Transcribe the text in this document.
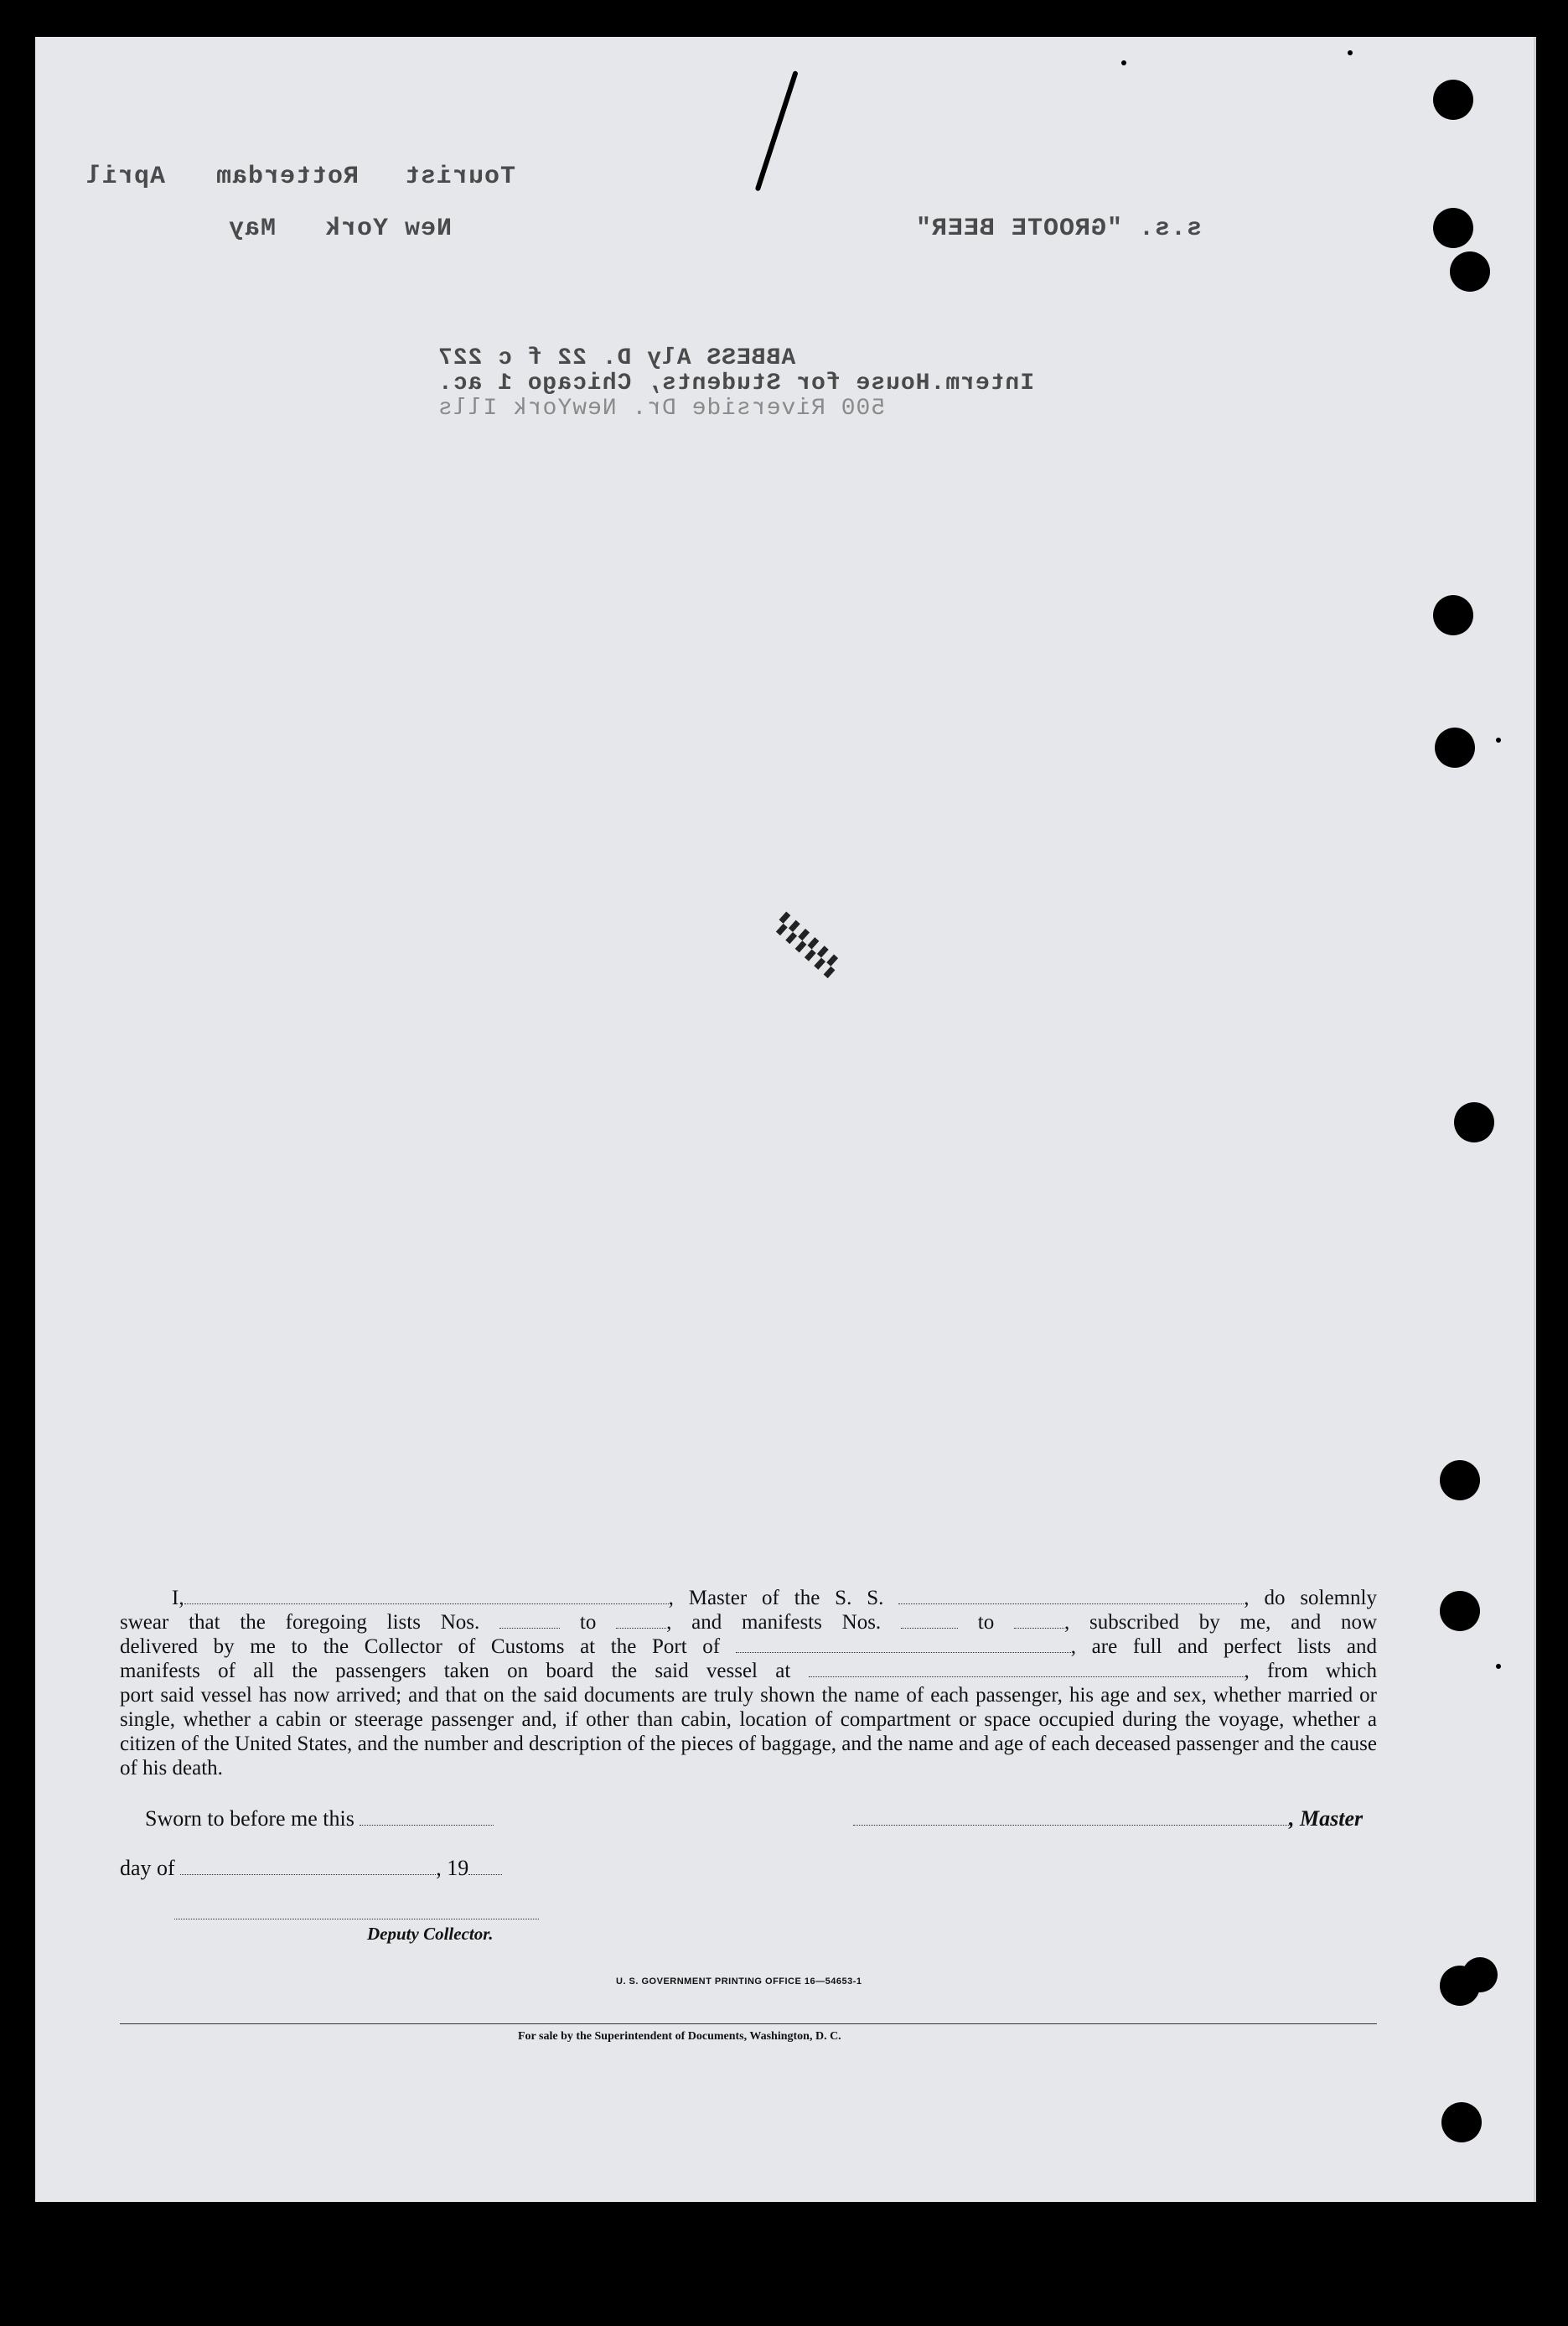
Tourist
Rotterdam
April
New York
May	s.s. "GROOTE BEER"
ABBESS Aly D. 22 f c 227
Interm.House for Students, Chicago 1 ac.
500 Riverside Dr. NewYork Ills
▚▚▚▚▚▚
I,	, Master of the S. S.	, do solemnly
swear that the foregoing lists Nos.	to	, and manifests Nos.	to	, subscribed by me, and now
delivered by me to the Collector of Customs at the Port of	, are full and perfect lists and
manifests of all the passengers taken on board the said vessel at	, from which
port said vessel has now arrived; and that on the said documents are truly shown the name of each passenger, his age and sex, whether married or single, whether a cabin or steerage passenger and, if other than cabin, location of compartment or space occupied during the voyage, whether a citizen of the United States, and the number and description of the pieces of baggage, and the name and age of each deceased passenger and the cause of his death.
Sworn to before me this	, Master
day of	, 19
Deputy Collector.
U. S. GOVERNMENT PRINTING OFFICE 16—54653-1
For sale by the Superintendent of Documents, Washington, D. C.
